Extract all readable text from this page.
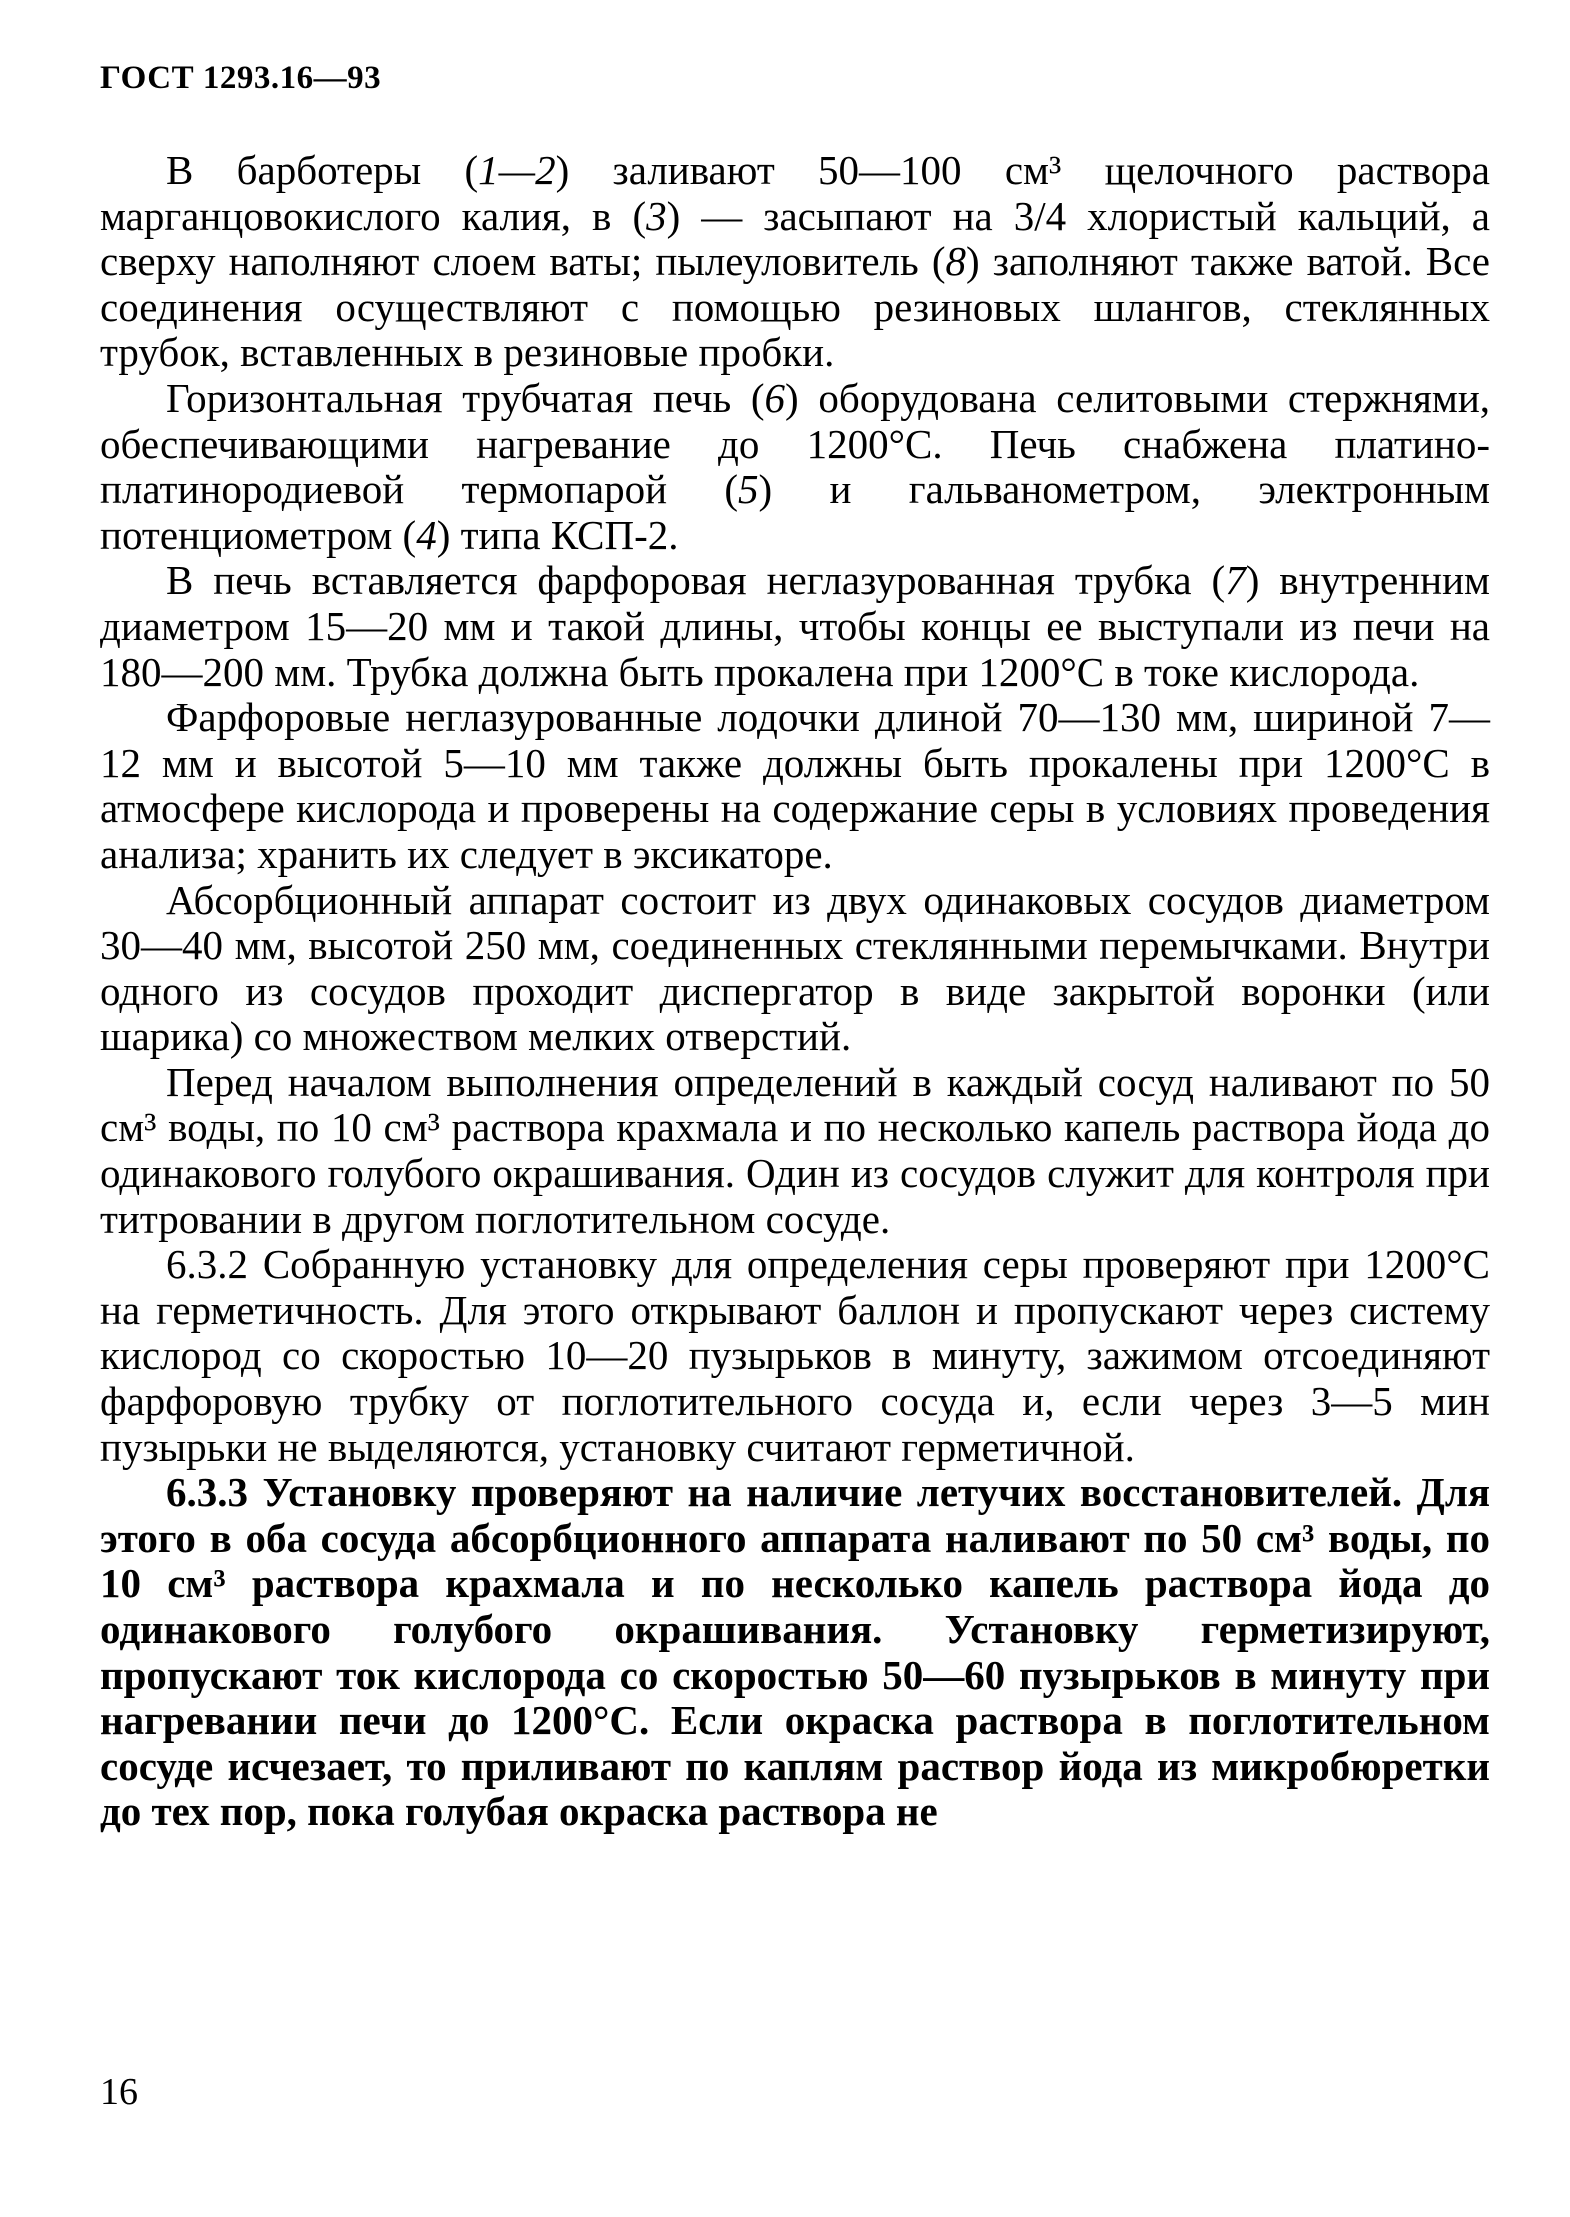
ГОСТ 1293.16—93

В барботеры (1—2) заливают 50—100 см³ щелочного раствора марганцовокислого калия, в (3) — засыпают на 3/4 хлористый кальций, а сверху наполняют слоем ваты; пылеуловитель (8) заполняют также ватой. Все соединения осуществляют с помощью резиновых шлангов, стеклянных трубок, вставленных в резиновые пробки.

Горизонтальная трубчатая печь (6) оборудована селитовыми стержнями, обеспечивающими нагревание до 1200°С. Печь снабжена платино-платинородиевой термопарой (5) и гальванометром, электронным потенциометром (4) типа КСП-2.

В печь вставляется фарфоровая неглазурованная трубка (7) внутренним диаметром 15—20 мм и такой длины, чтобы концы ее выступали из печи на 180—200 мм. Трубка должна быть прокалена при 1200°С в токе кислорода.

Фарфоровые неглазурованные лодочки длиной 70—130 мм, шириной 7—12 мм и высотой 5—10 мм также должны быть прокалены при 1200°С в атмосфере кислорода и проверены на содержание серы в условиях проведения анализа; хранить их следует в эксикаторе.

Абсорбционный аппарат состоит из двух одинаковых сосудов диаметром 30—40 мм, высотой 250 мм, соединенных стеклянными перемычками. Внутри одного из сосудов проходит диспергатор в виде закрытой воронки (или шарика) со множеством мелких отверстий.

Перед началом выполнения определений в каждый сосуд наливают по 50 см³ воды, по 10 см³ раствора крахмала и по несколько капель раствора йода до одинакового голубого окрашивания. Один из сосудов служит для контроля при титровании в другом поглотительном сосуде.

6.3.2 Собранную установку для определения серы проверяют при 1200°С на герметичность. Для этого открывают баллон и пропускают через систему кислород со скоростью 10—20 пузырьков в минуту, зажимом отсоединяют фарфоровую трубку от поглотительного сосуда и, если через 3—5 мин пузырьки не выделяются, установку считают герметичной.

6.3.3 Установку проверяют на наличие летучих восстановителей. Для этого в оба сосуда абсорбционного аппарата наливают по 50 см³ воды, по 10 см³ раствора крахмала и по несколько капель раствора йода до одинакового голубого окрашивания. Установку герметизируют, пропускают ток кислорода со скоростью 50—60 пузырьков в минуту при нагревании печи до 1200°С. Если окраска раствора в поглотительном сосуде исчезает, то приливают по каплям раствор йода из микробюретки до тех пор, пока голубая окраска раствора не

16
